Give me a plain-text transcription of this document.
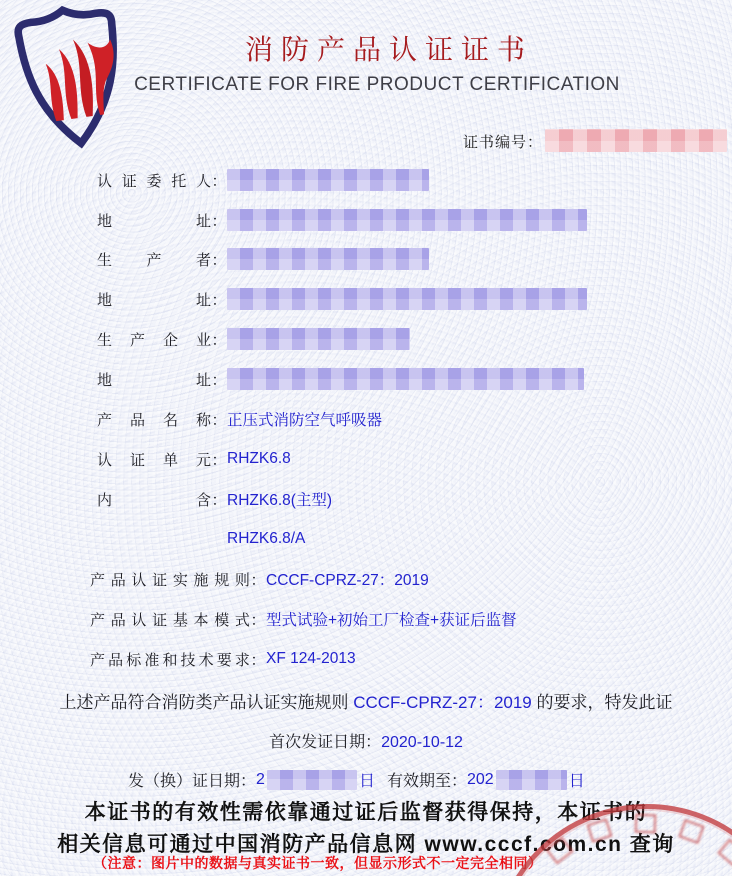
消防产品认证证书
CERTIFICATE FOR FIRE PRODUCT CERTIFICATION
证书编号：
认 证 委 托 人 ：
地	址 ：
生 产 者 ：
地	址 ：
生 产 企 业 ：
地	址 ：
产 品 名 称 ： 正压式消防空气呼吸器
认 证 单 元 ： RHZK6.8
内	含 ： RHZK6.8(主型)
RHZK6.8/A
产 品 认 证 实 施 规 则 ： CCCF-CPRZ-27：2019
产 品 认 证 基 本 模 式 ： 型式试验+初始工厂检查+获证后监督
产 品 标 准 和 技 术 要 求 ： XF 124-2013
上述产品符合消防类产品认证实施规则 CCCF-CPRZ-27：2019 的要求，特发此证
首次发证日期：2020-10-12
发（换）证日期 ： 2	日 有效期至 ： 202	日
本证书的有效性需依靠通过证后监督获得保持，本证书的
相关信息可通过中国消防产品信息网 www.cccf.com.cn 查询
（注意：图片中的数据与真实证书一致，但显示形式不一定完全相同）
